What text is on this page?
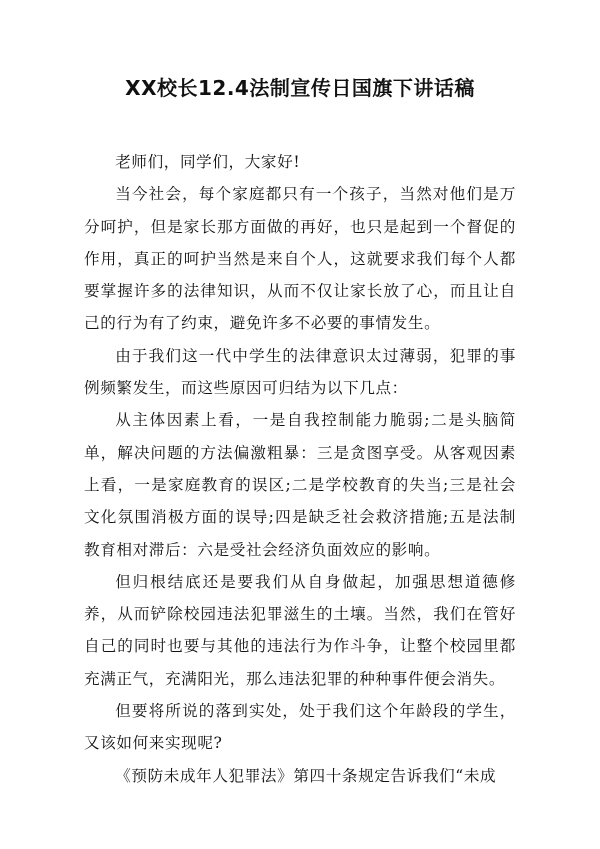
XX校长12.4法制宣传日国旗下讲话稿

老师们，同学们，大家好!

当今社会，每个家庭都只有一个孩子，当然对他们是万分呵护，但是家长那方面做的再好，也只是起到一个督促的作用，真正的呵护当然是来自个人，这就要求我们每个人都要掌握许多的法律知识，从而不仅让家长放了心，而且让自己的行为有了约束，避免许多不必要的事情发生。

由于我们这一代中学生的法律意识太过薄弱，犯罪的事例频繁发生，而这些原因可归结为以下几点：

从主体因素上看，一是自我控制能力脆弱;二是头脑简单，解决问题的方法偏激粗暴：三是贪图享受。从客观因素上看，一是家庭教育的误区;二是学校教育的失当;三是社会文化氛围消极方面的误导;四是缺乏社会救济措施;五是法制教育相对滞后：六是受社会经济负面效应的影响。

但归根结底还是要我们从自身做起，加强思想道德修养，从而铲除校园违法犯罪滋生的土壤。当然，我们在管好自己的同时也要与其他的违法行为作斗争，让整个校园里都充满正气，充满阳光，那么违法犯罪的种种事件便会消失。

但要将所说的落到实处，处于我们这个年龄段的学生，又该如何来实现呢?

《预防未成年人犯罪法》第四十条规定告诉我们“未成
